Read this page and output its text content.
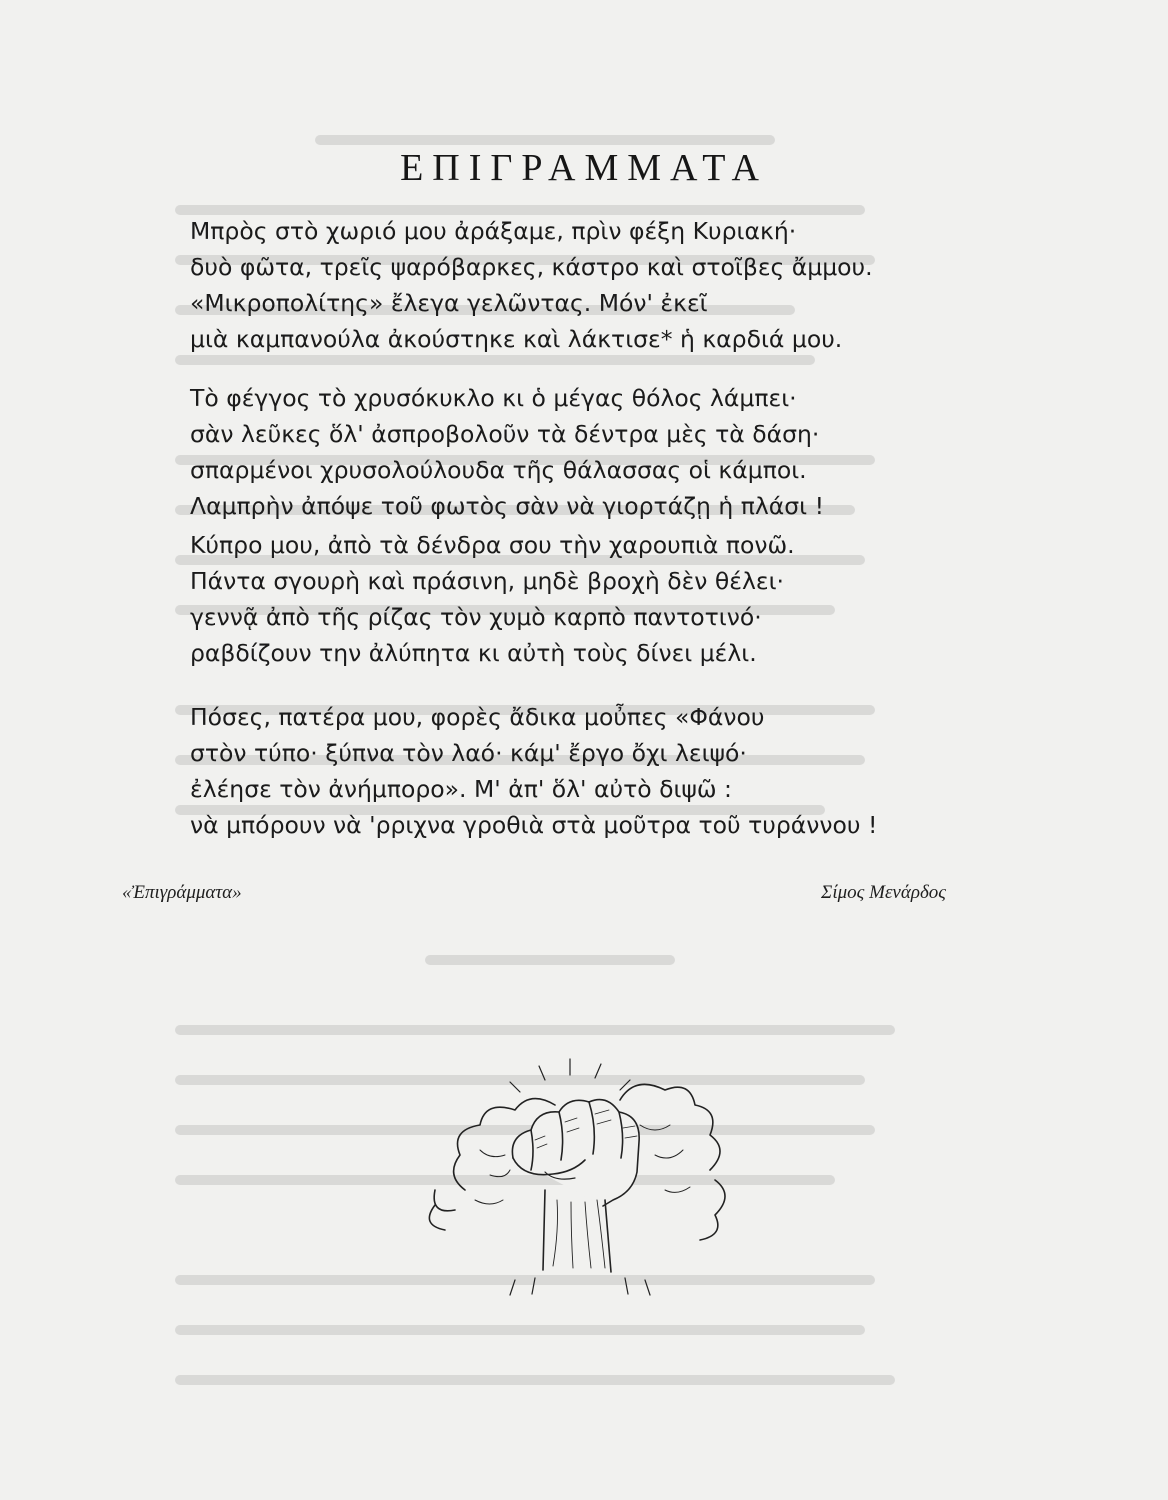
ΕΠΙΓΡΑΜΜΑΤΑ
Μπρὸς στὸ χωριό μου ἀράξαμε, πρὶν φέξη Κυριακή·
δυὸ φῶτα, τρεῖς ψαρόβαρκες, κάστρο καὶ στοῖβες ἄμμου.
«Μικροπολίτης» ἔλεγα γελῶντας. Μόν' ἐκεῖ
μιὰ καμπανούλα ἀκούστηκε καὶ λάκτισε* ἡ καρδιά μου.
Τὸ φέγγος τὸ χρυσόκυκλο κι ὁ μέγας θόλος λάμπει·
σὰν λεῦκες ὅλ' ἀσπροβολοῦν τὰ δέντρα μὲς τὰ δάση·
σπαρμένοι χρυσολούλουδα τῆς θάλασσας οἱ κάμποι.
Λαμπρὴν ἀπόψε τοῦ φωτὸς σὰν νὰ γιορτάζῃ ἡ πλάσι !
Κύπρο μου, ἀπὸ τὰ δένδρα σου τὴν χαρουπιὰ πονῶ.
Πάντα σγουρὴ καὶ πράσινη, μηδὲ βροχὴ δὲν θέλει·
γεννᾷ ἀπὸ τῆς ρίζας τὸν χυμὸ καρπὸ παντοτινό·
ραβδίζουν την ἀλύπητα κι αὐτὴ τοὺς δίνει μέλι.
Πόσες, πατέρα μου, φορὲς ἄδικα μοὖπες «Φάνου
στὸν τύπο· ξύπνα τὸν λαό· κάμ' ἔργο ὄχι λειψό·
ἐλέησε τὸν ἀνήμπορο». Μ' ἀπ' ὅλ' αὐτὸ διψῶ :
νὰ μπόρουν νὰ 'ρριχνα γροθιὰ στὰ μοῦτρα τοῦ τυράννου !
«Ἐπιγράμματα»	Σίμος Μενάρδος
